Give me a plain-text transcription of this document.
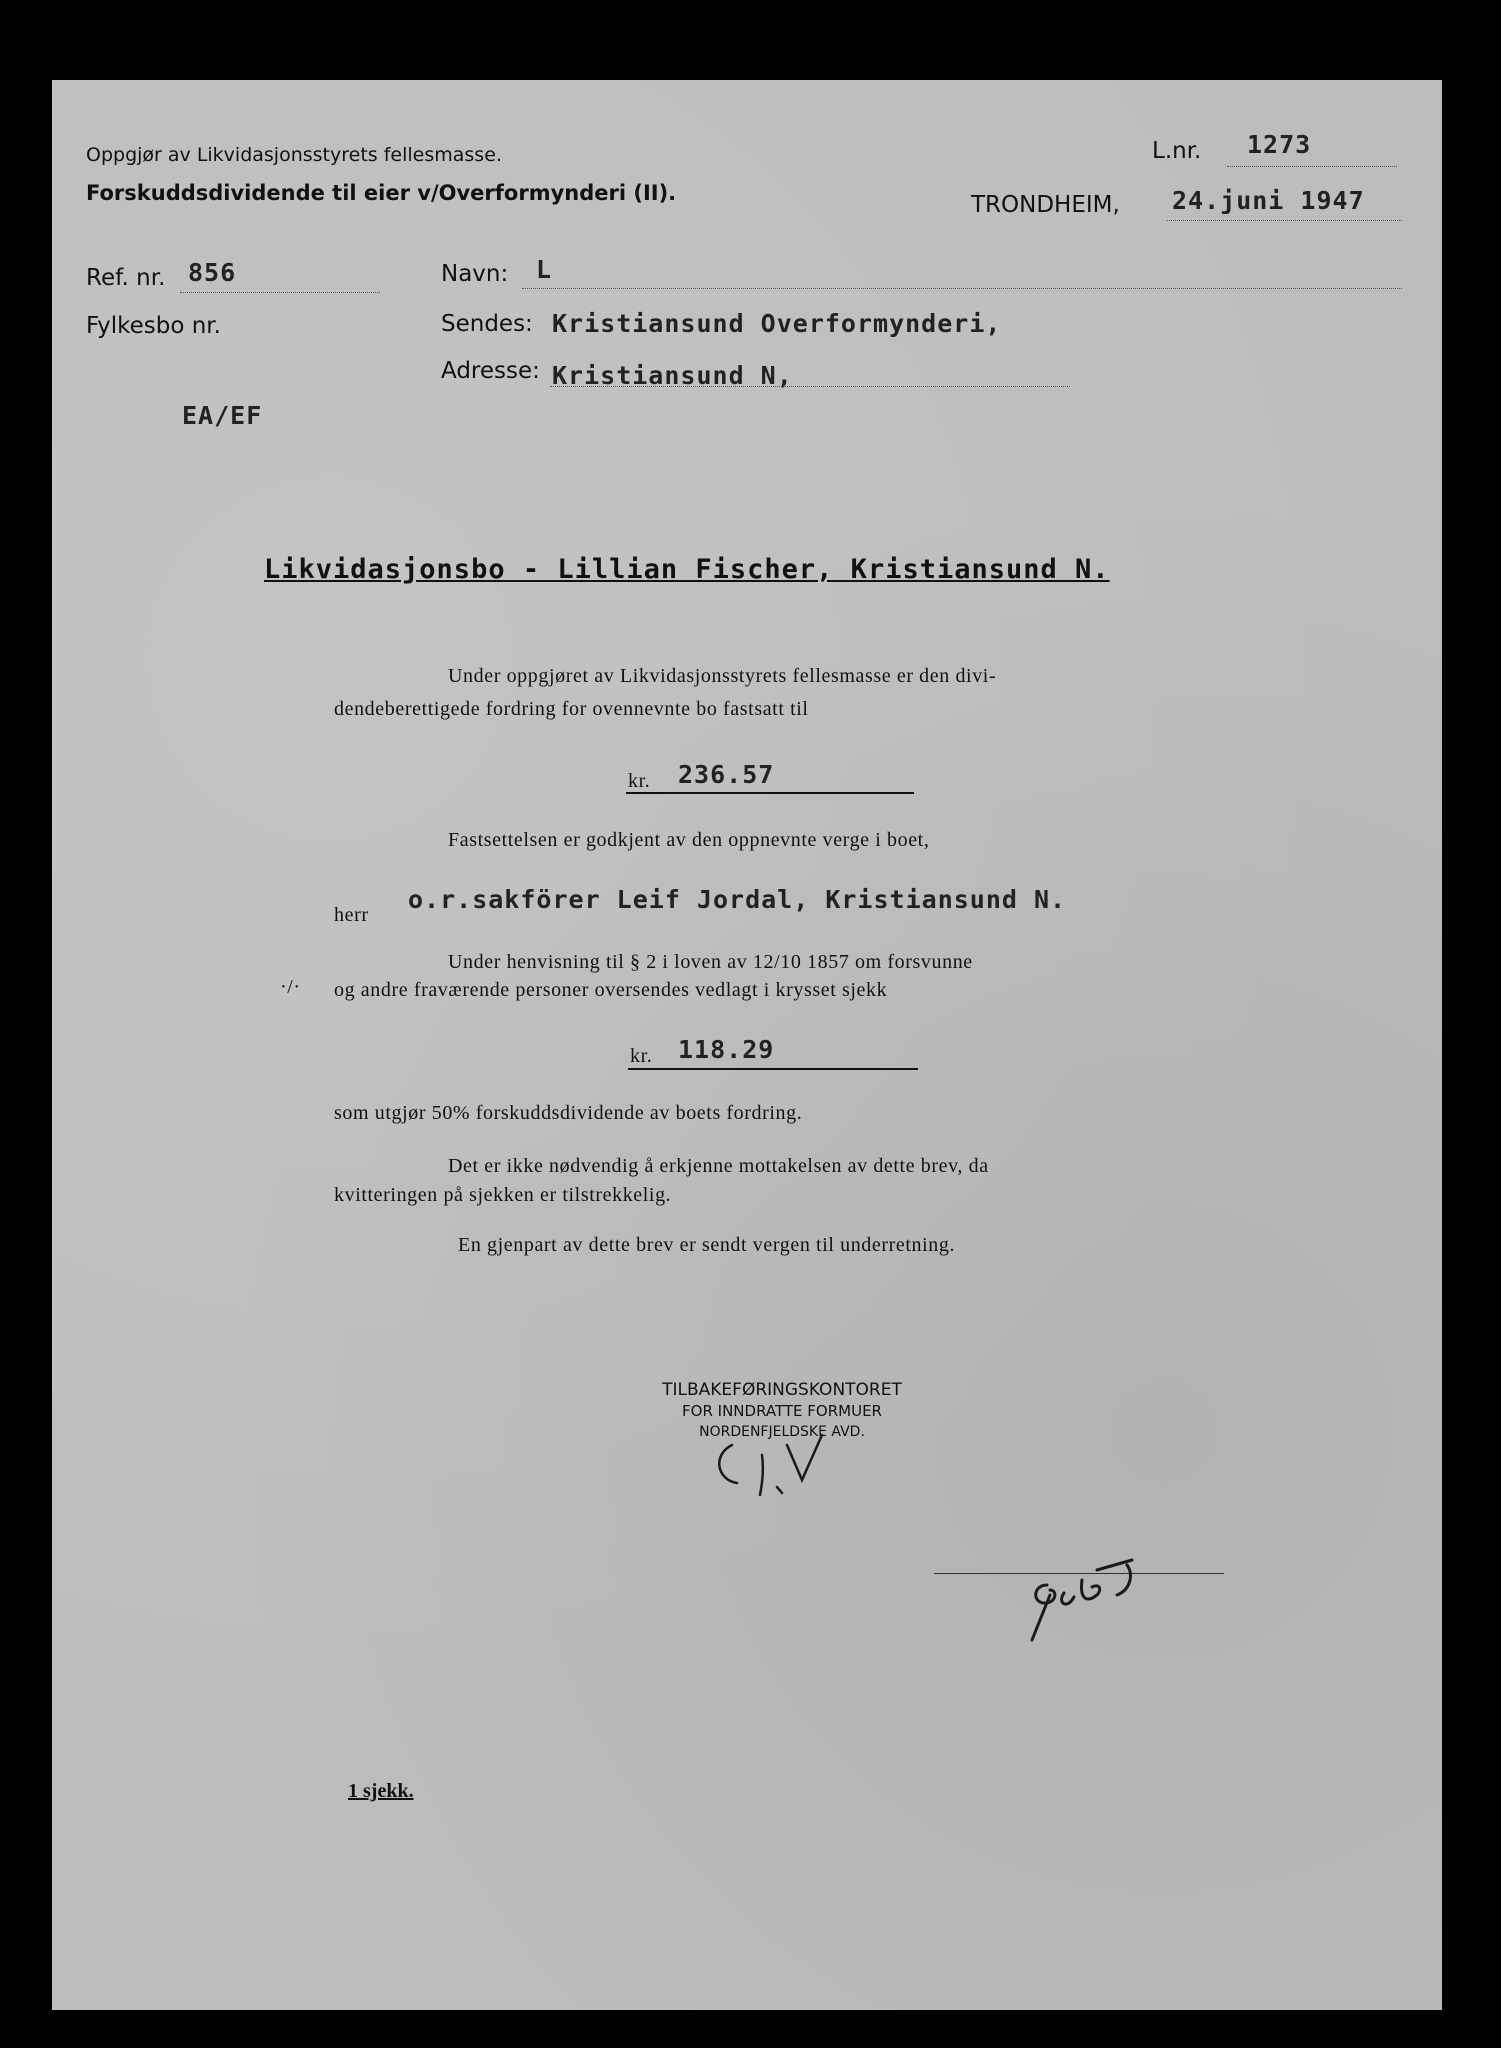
Oppgjør av Likvidasjonsstyrets fellesmasse.
Forskuddsdividende til eier v/Overformynderi (II).
L.nr. 1273
TRONDHEIM, 24.juni 1947
Ref. nr. 856
Fylkesbo nr.
Navn: L
Sendes: Kristiansund Overformynderi,
Adresse: Kristiansund N,
EA/EF
Likvidasjonsbo - Lillian Fischer, Kristiansund N.
Under oppgjøret av Likvidasjonsstyrets fellesmasse er den divi-
dendeberettigede fordring for ovennevnte bo fastsatt til
kr. 236.57
Fastsettelsen er godkjent av den oppnevnte verge i boet,
herr
o.r.sakförer Leif Jordal, Kristiansund N.
Under henvisning til § 2 i loven av 12/10 1857 om forsvunne
og andre fraværende personer oversendes vedlagt i krysset sjekk
·/·
kr. 118.29
som utgjør 50% forskuddsdividende av boets fordring.
Det er ikke nødvendig å erkjenne mottakelsen av dette brev, da
kvitteringen på sjekken er tilstrekkelig.
En gjenpart av dette brev er sendt vergen til underretning.
TILBAKEFØRINGSKONTORET
FOR INNDRATTE FORMUER
NORDENFJELDSKE AVD.
1 sjekk.
